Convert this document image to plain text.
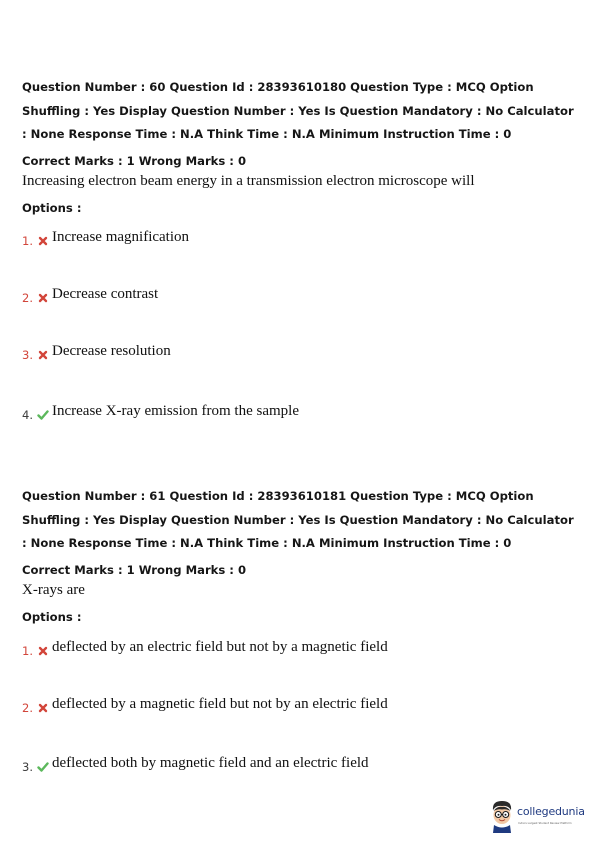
Question Number : 60 Question Id : 28393610180 Question Type : MCQ Option Shuffling : Yes Display Question Number : Yes Is Question Mandatory : No Calculator : None Response Time : N.A Think Time : N.A Minimum Instruction Time : 0

Correct Marks : 1 Wrong Marks : 0

Increasing electron beam energy in a transmission electron microscope will

Options :

1. Increase magnification
2. Decrease contrast
3. Decrease resolution
4. Increase X-ray emission from the sample

Question Number : 61 Question Id : 28393610181 Question Type : MCQ Option Shuffling : Yes Display Question Number : Yes Is Question Mandatory : No Calculator : None Response Time : N.A Think Time : N.A Minimum Instruction Time : 0

Correct Marks : 1 Wrong Marks : 0

X-rays are

Options :

1. deflected by an electric field but not by a magnetic field
2. deflected by a magnetic field but not by an electric field
3. deflected both by magnetic field and an electric field
collegedunia
India's Largest Student Review Platform
